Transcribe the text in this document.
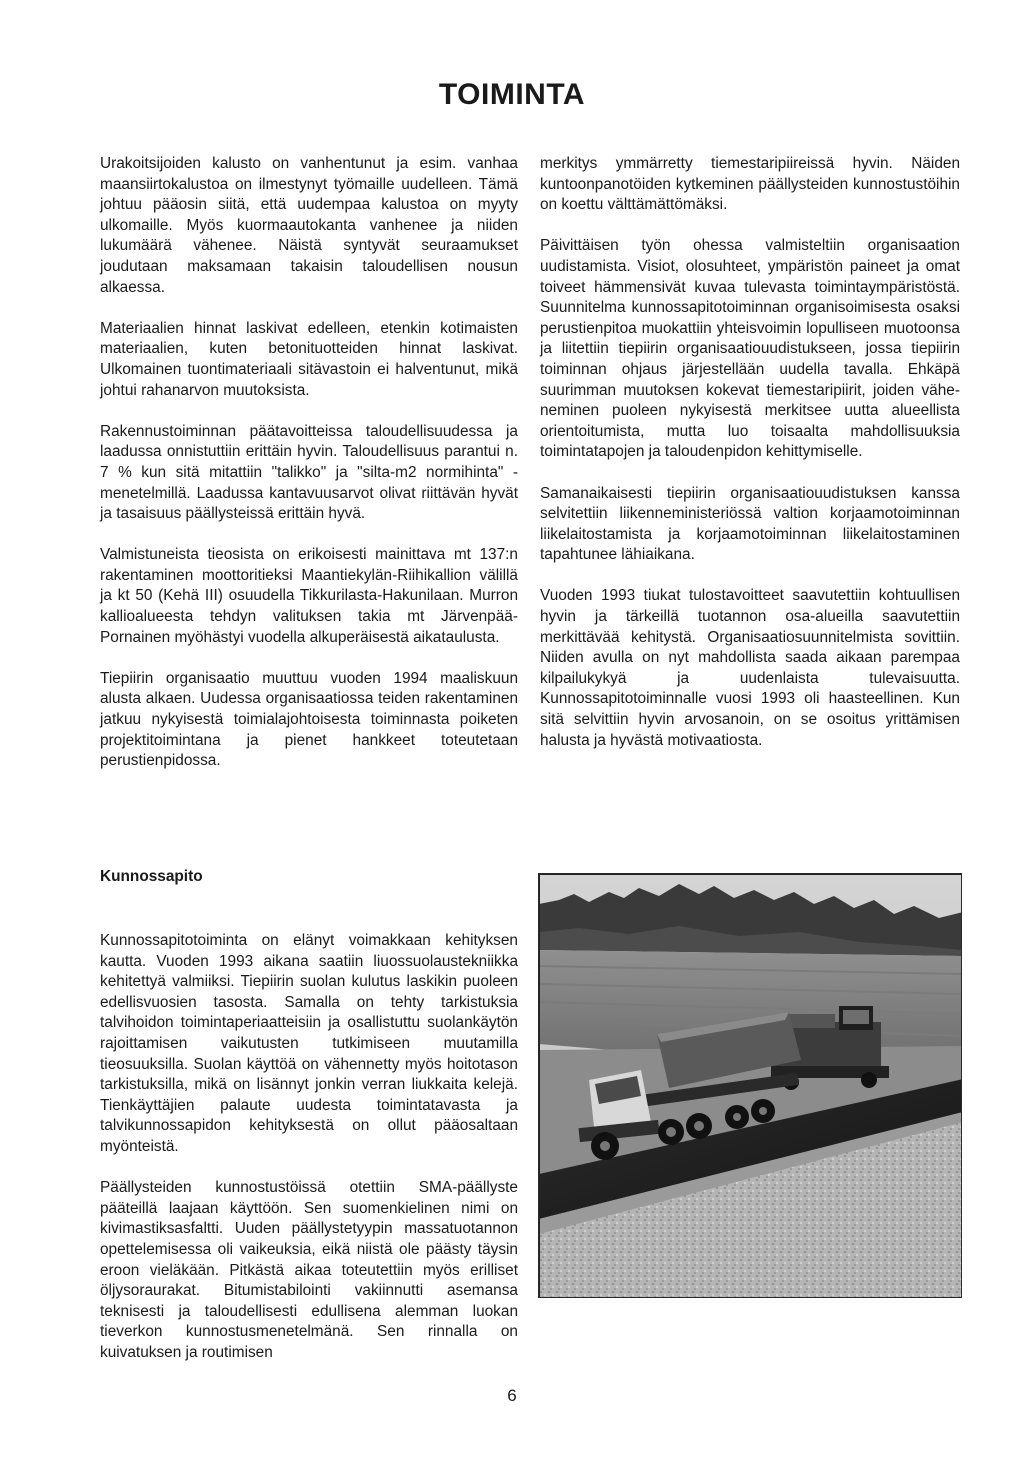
TOIMINTA

Urakoitsijoiden kalusto on vanhentunut ja esim. vanhaa maansiirtokalustoa on ilmestynyt työmaille uudelleen. Tämä johtuu pääosin siitä, että uudempaa kalustoa on myyty ulkomaille. Myös kuormaautokanta vanhenee ja niiden lukumäärä vähenee. Näistä syntyvät seuraamukset joudutaan maksamaan takaisin taloudellisen nousun alkaessa.

Materiaalien hinnat laskivat edelleen, etenkin kotimaisten materiaalien, kuten betonituotteiden hinnat laskivat. Ulkomainen tuontimateriaali sitävastoin ei halventunut, mikä johtui rahanarvon muutoksista.

Rakennustoiminnan päätavoitteissa taloudellisuudessa ja laadussa onnistuttiin erittäin hyvin. Taloudellisuus parantui n. 7 % kun sitä mitattiin "talikko" ja "silta-m2 normihinta" -menetelmillä. Laadussa kantavuusarvot olivat riittävän hyvät ja tasaisuus päällysteissä erittäin hyvä.

Valmistuneista tieosista on erikoisesti mainittava mt 137:n rakentaminen moottoritieksi Maantiekylän-Riihikallion välillä ja kt 50 (Kehä III) osuudella Tikkurilasta-Hakunilaan. Murron kallioalueesta tehdyn valituksen takia mt Järvenpää-Pornainen myöhästyi vuodella alkuperäisestä aikataulusta.

Tiepiirin organisaatio muuttuu vuoden 1994 maaliskuun alusta alkaen. Uudessa organisaatiossa teiden rakentaminen jatkuu nykyisestä toimialajohtoisesta toiminnasta poiketen projektitoimintana ja pienet hankkeet toteutetaan perustienpidossa.

merkitys ymmärretty tiemestaripiireissä hyvin. Näiden kuntoonpanotöiden kytkeminen päällysteiden kunnostustöihin on koettu välttämättömäksi.

Päivittäisen työn ohessa valmisteltiin organisaation uudistamista. Visiot, olosuhteet, ympäristön paineet ja omat toiveet hämmensivät kuvaa tulevasta toimintaympäristöstä. Suunnitelma kunnossapitotoiminnan organisoimisesta osaksi perustienpitoa muokattiin yhteisvoimin lopulliseen muotoonsa ja liitettiin tiepiirin organisaatiouudistukseen, jossa tiepiirin toiminnan ohjaus järjestellään uudella tavalla. Ehkäpä suurimman muutoksen kokevat tiemestaripiirit, joiden väheneminen puoleen nykyisestä merkitsee uutta alueellista orientoitumista, mutta luo toisaalta mahdollisuuksia toimintatapojen ja taloudenpidon kehittymiselle.

Samanaikaisesti tiepiirin organisaatiouudistuksen kanssa selvitettiin liikenneministeriössä valtion korjaamotoiminnan liikelaitostamista ja korjaamotoiminnan liikelaitostaminen tapahtunee lähiaikana.

Vuoden 1993 tiukat tulostavoitteet saavutettiin kohtuullisen hyvin ja tärkeillä tuotannon osa-alueilla saavutettiin merkittävää kehitystä. Organisaatiosuunnitelmista sovittiin. Niiden avulla on nyt mahdollista saada aikaan parempaa kilpailukykyä ja uudenlaista tulevaisuutta. Kunnossapitotoiminnalle vuosi 1993 oli haasteellinen. Kun sitä selvittiin hyvin arvosanoin, on se osoitus yrittämisen halusta ja hyvästä motivaatiosta.

Kunnossapito

Kunnossapitotoiminta on elänyt voimakkaan kehityksen kautta. Vuoden 1993 aikana saatiin liuossuolaustekniikka kehitettyä valmiiksi. Tiepiirin suolan kulutus laskikin puoleen edellisvuosien tasosta. Samalla on tehty tarkistuksia talvihoidon toimintaperiaatteisiin ja osallistuttu suolankäytön rajoittamisen vaikutusten tutkimiseen muutamilla tieosuuksilla. Suolan käyttöä on vähennetty myös hoitotason tarkistuksilla, mikä on lisännyt jonkin verran liukkaita kelejä. Tienkäyttäjien palaute uudesta toimintatavasta ja talvikunnossapidon kehityksestä on ollut pääosaltaan myönteistä.

Päällysteiden kunnostustöissä otettiin SMA-päällyste pääteillä laajaan käyttöön. Sen suomenkielinen nimi on kivimastiksasfaltti. Uuden päällystetyypin massatuotannon opettelemisessa oli vaikeuksia, eikä niistä ole päästy täysin eroon vieläkään. Pitkästä aikaa toteutettiin myös erilliset öljysoraurakat. Bitumistabilointi vakiinnutti asemansa teknisesti ja taloudellisesti edullisena alemman luokan tieverkon kunnostusmenetelmänä. Sen rinnalla on kuivatuksen ja routimisen

6
